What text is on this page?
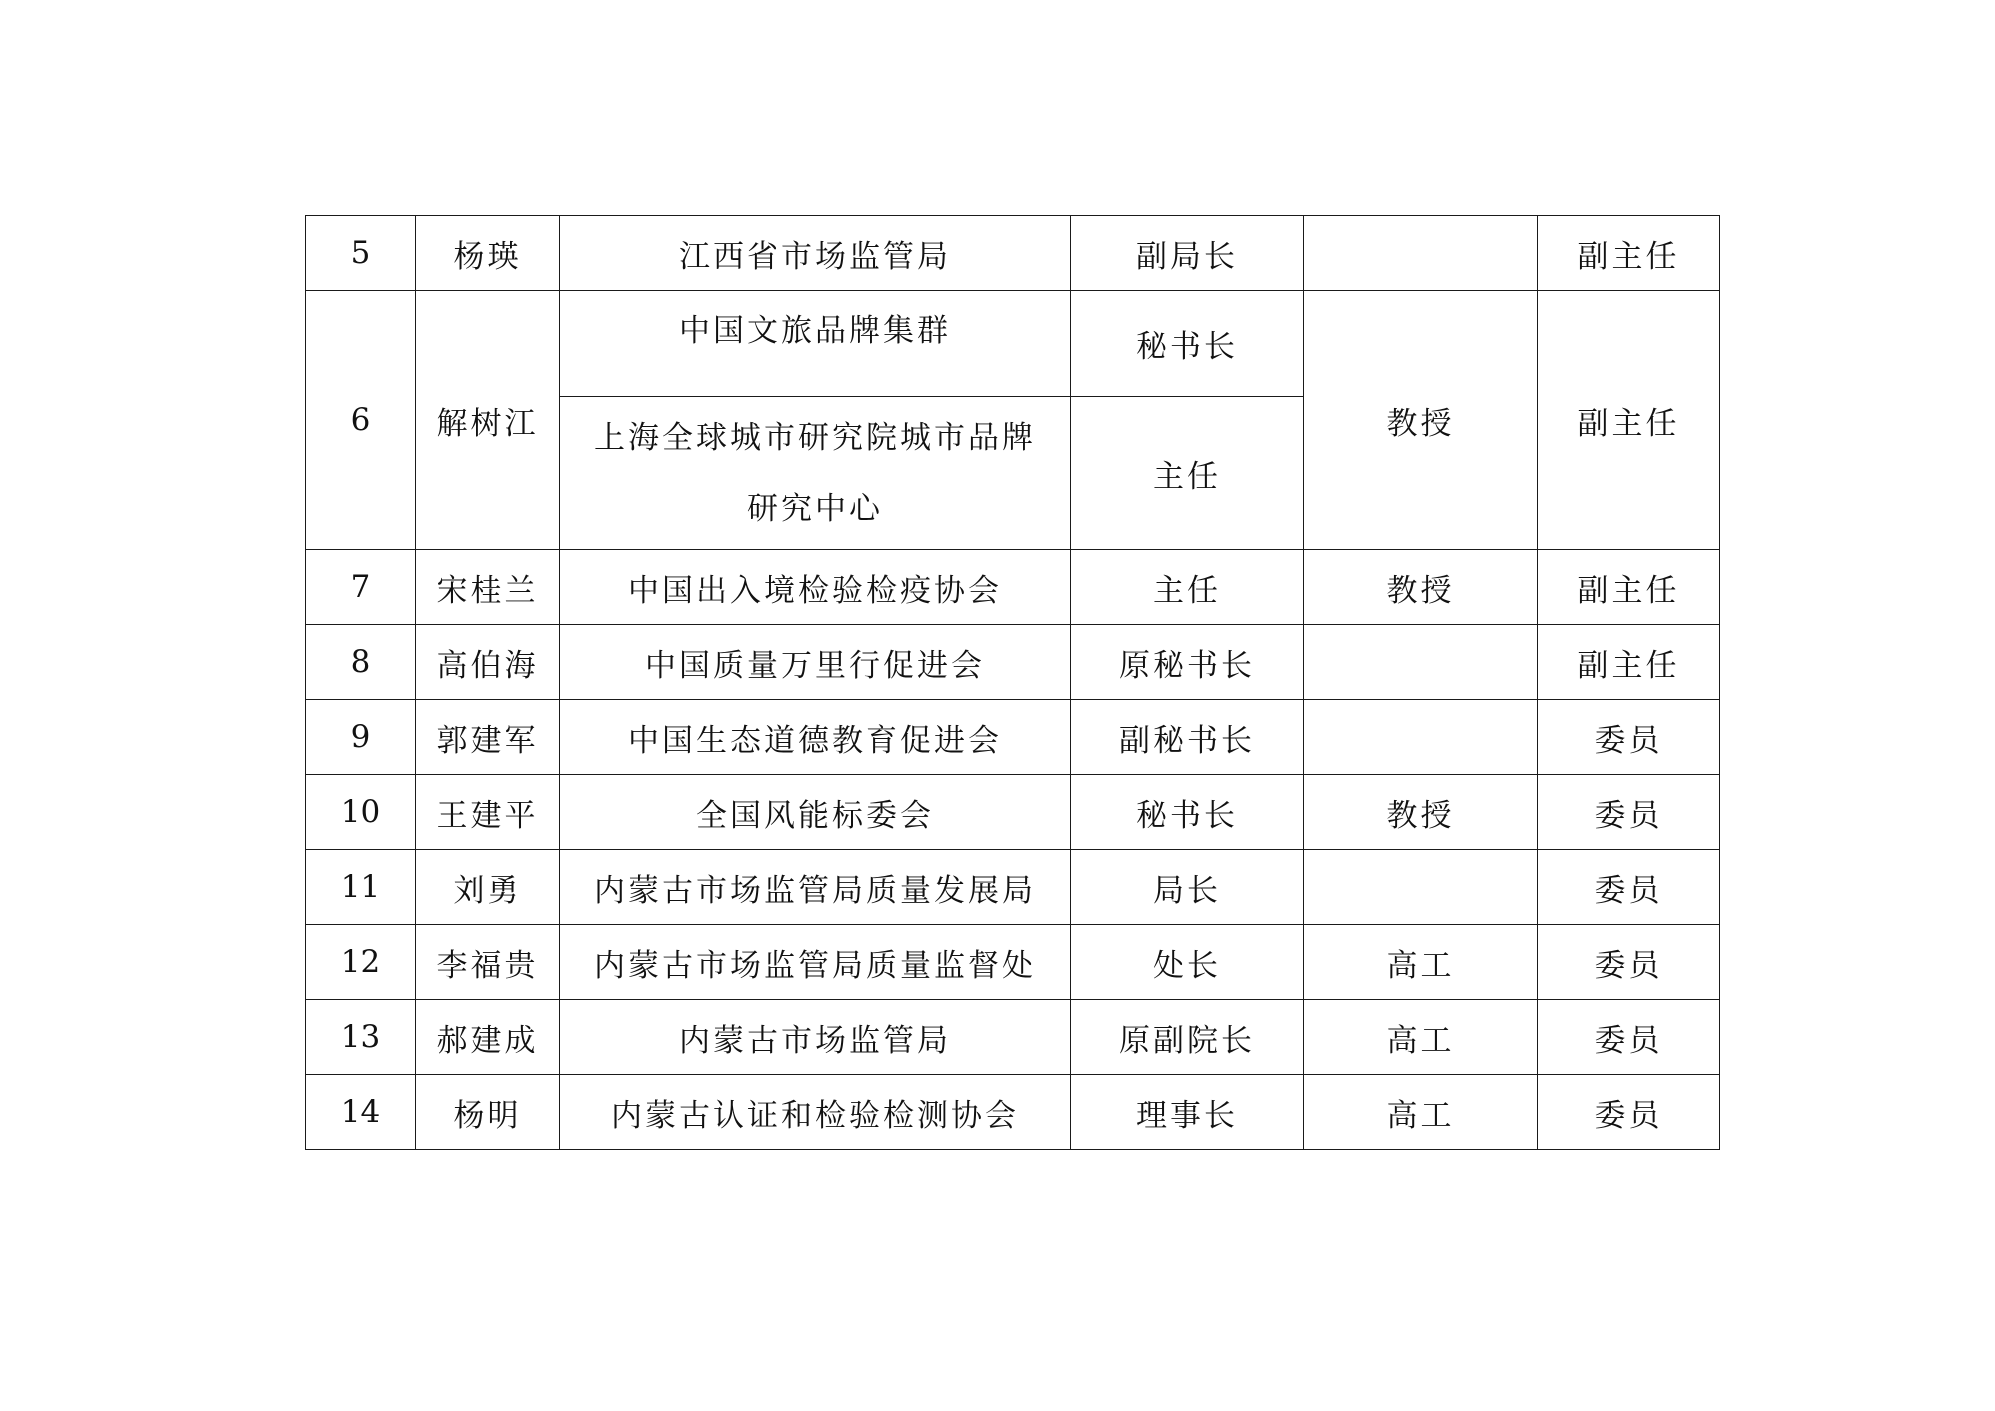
5	杨瑛	江西省市场监管局	副局长		副主任
6	解树江	中国文旅品牌集群	秘书长	教授	副主任
		上海全球城市研究院城市品牌研究中心	主任		
7	宋桂兰	中国出入境检验检疫协会	主任	教授	副主任
8	高伯海	中国质量万里行促进会	原秘书长		副主任
9	郭建军	中国生态道德教育促进会	副秘书长		委员
10	王建平	全国风能标委会	秘书长	教授	委员
11	刘勇	内蒙古市场监管局质量发展局	局长		委员
12	李福贵	内蒙古市场监管局质量监督处	处长	高工	委员
13	郝建成	内蒙古市场监管局	原副院长	高工	委员
14	杨明	内蒙古认证和检验检测协会	理事长	高工	委员
